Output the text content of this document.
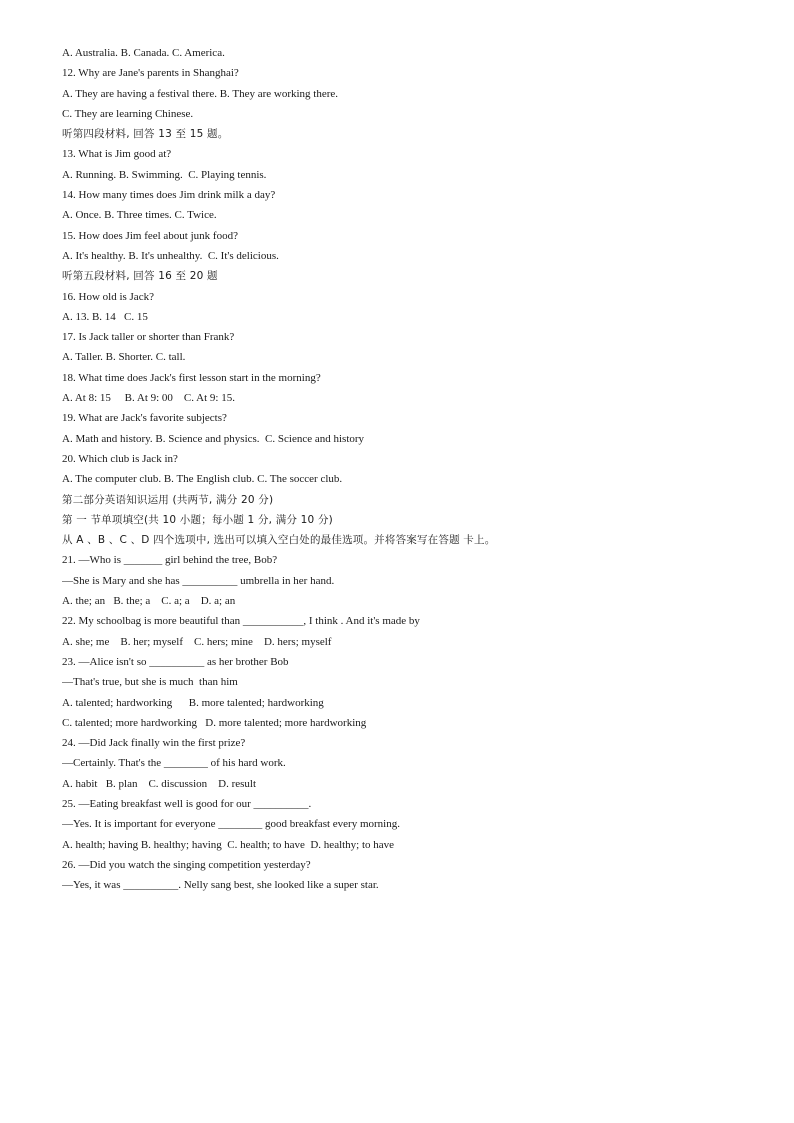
A. Australia. B. Canada. C. America.
12. Why are Jane's parents in Shanghai?
A. They are having a festival there. B. They are working there.
C. They are learning Chinese.
听第四段材料, 回答 13 至 15 题。
13. What is Jim good at?
A. Running. B. Swimming.  C. Playing tennis.
14. How many times does Jim drink milk a day?
A. Once. B. Three times. C. Twice.
15. How does Jim feel about junk food?
A. It's healthy. B. It's unhealthy.  C. It's delicious.
听第五段材料, 回答 16 至 20 题
16. How old is Jack?
A. 13. B. 14   C. 15
17. Is Jack taller or shorter than Frank?
A. Taller. B. Shorter. C. tall.
18. What time does Jack's first lesson start in the morning?
A. At 8: 15     B. At 9: 00    C. At 9: 15.
19. What are Jack's favorite subjects?
A. Math and history. B. Science and physics.  C. Science and history
20. Which club is Jack in?
A. The computer club. B. The English club. C. The soccer club.
第二部分英语知识运用 (共两节, 满分 20 分)
第 一 节单项填空(共 10 小题；每小题 1 分, 满分 10 分)
从 A 、B 、C 、D 四个选项中, 选出可以填入空白处的最佳选项。并将答案写在答题 卡上。
21. —Who is _______ girl behind the tree, Bob?
—She is Mary and she has __________ umbrella in her hand.
A. the; an   B. the; a    C. a; a    D. a; an
22. My schoolbag is more beautiful than ___________, I think . And it's made by
A. she; me    B. her; myself    C. hers; mine    D. hers; myself
23. —Alice isn't so __________ as her brother Bob
—That's true, but she is much  than him
A. talented; hardworking      B. more talented; hardworking
C. talented; more hardworking   D. more talented; more hardworking
24. —Did Jack finally win the first prize?
—Certainly. That's the ________ of his hard work.
A. habit   B. plan    C. discussion    D. result
25. —Eating breakfast well is good for our __________.
—Yes. It is important for everyone ________ good breakfast every morning.
A. health; having B. healthy; having  C. health; to have  D. healthy; to have
26. —Did you watch the singing competition yesterday?
—Yes, it was __________. Nelly sang best, she looked like a super star.
